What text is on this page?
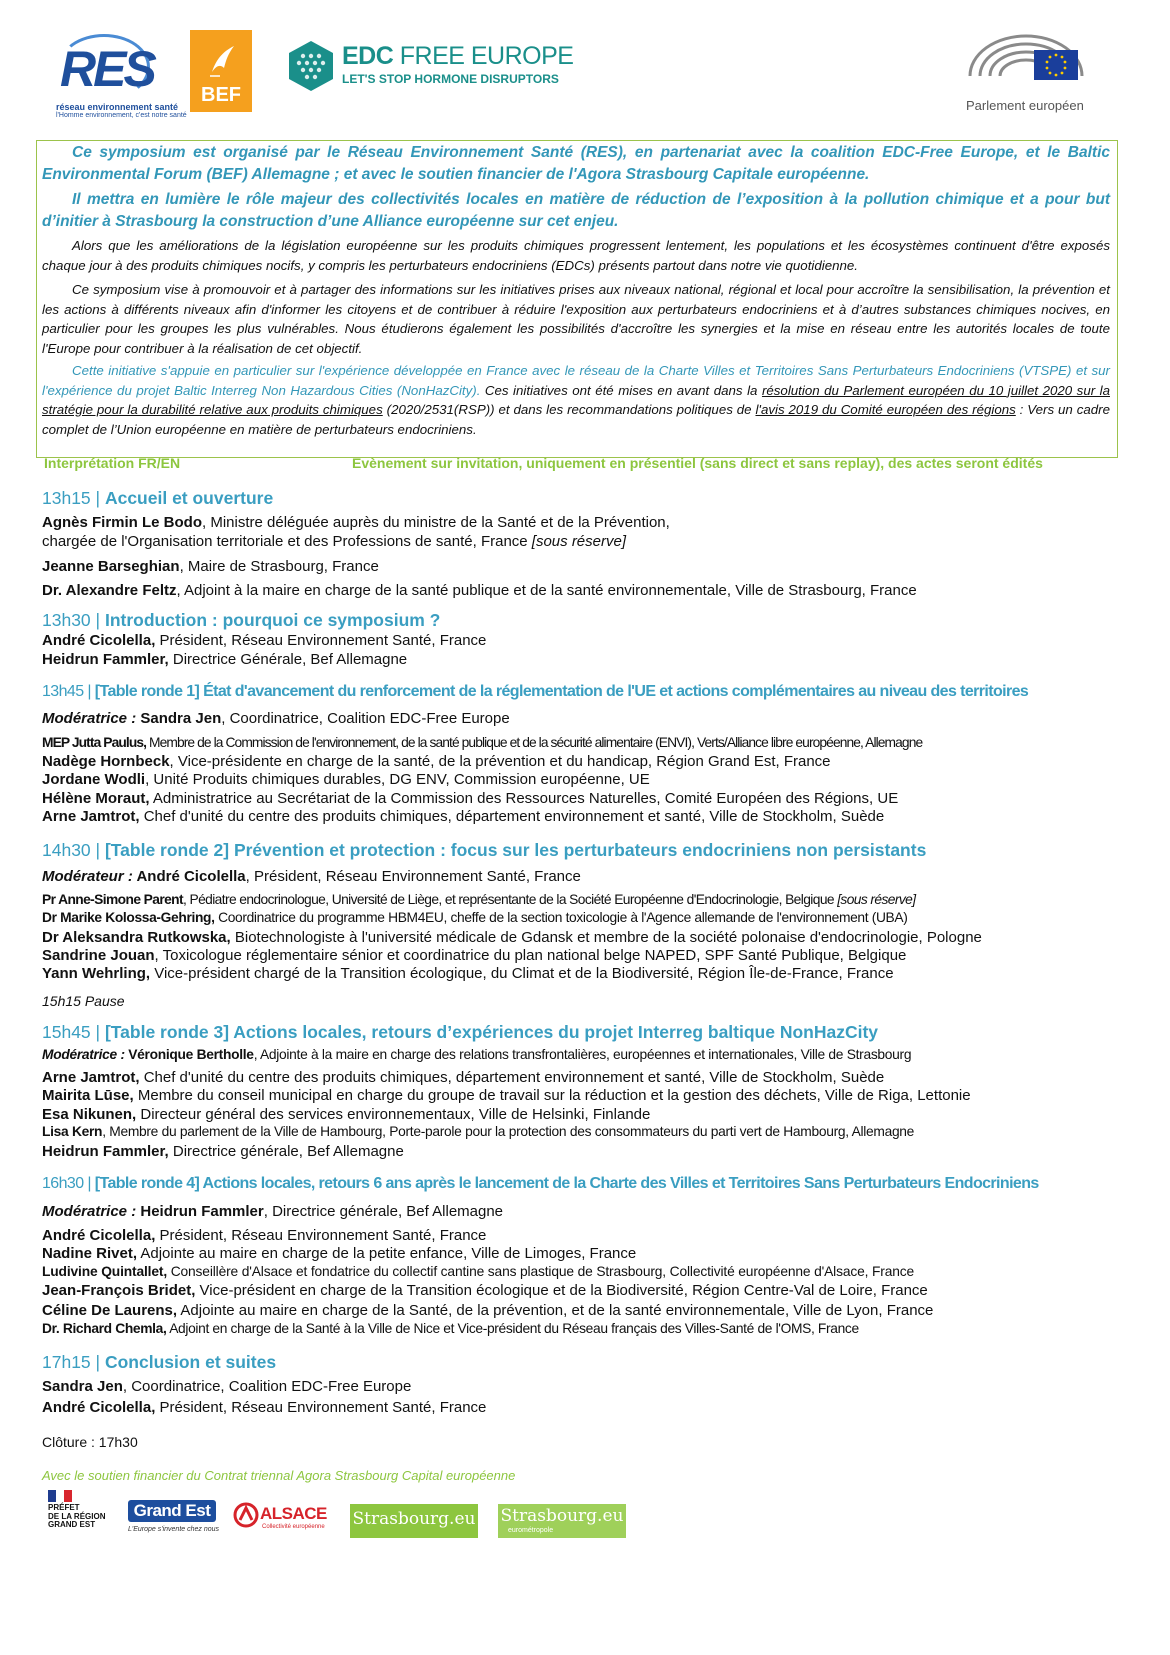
RES
réseau environnement santé
l'Homme environnement, c'est notre santé
BEF
EDC FREE EUROPE
LET'S STOP HORMONE DISRUPTORS
Parlement européen

Ce symposium est organisé par le Réseau Environnement Santé (RES), en partenariat avec la coalition EDC-Free Europe, et le Baltic Environmental Forum (BEF) Allemagne ; et avec le soutien financier de l'Agora Strasbourg Capitale européenne.

Il mettra en lumière le rôle majeur des collectivités locales en matière de réduction de l’exposition à la pollution chimique et a pour but d’initier à Strasbourg la construction d’une Alliance européenne sur cet enjeu.

Alors que les améliorations de la législation européenne sur les produits chimiques progressent lentement, les populations et les écosystèmes continuent d'être exposés chaque jour à des produits chimiques nocifs, y compris les perturbateurs endocriniens (EDCs) présents partout dans notre vie quotidienne.

Ce symposium vise à promouvoir et à partager des informations sur les initiatives prises aux niveaux national, régional et local pour accroître la sensibilisation, la prévention et les actions à différents niveaux afin d'informer les citoyens et de contribuer à réduire l'exposition aux perturbateurs endocriniens et à d’autres substances chimiques nocives, en particulier pour les groupes les plus vulnérables. Nous étudierons également les possibilités d'accroître les synergies et la mise en réseau entre les autorités locales de toute l'Europe pour contribuer à la réalisation de cet objectif.

Cette initiative s'appuie en particulier sur l'expérience développée en France avec le réseau de la Charte Villes et Territoires Sans Perturbateurs Endocriniens (VTSPE) et sur l'expérience du projet Baltic Interreg Non Hazardous Cities (NonHazCity). Ces initiatives ont été mises en avant dans la résolution du Parlement européen du 10 juillet 2020 sur la stratégie pour la durabilité relative aux produits chimiques (2020/2531(RSP)) et dans les recommandations politiques de l'avis 2019 du Comité européen des régions : Vers un cadre complet de l’Union européenne en matière de perturbateurs endocriniens.

Interprétation FR/EN	Evènement sur invitation, uniquement en présentiel (sans direct et sans replay), des actes seront édités
13h15 | Accueil et ouverture
Agnès Firmin Le Bodo, Ministre déléguée auprès du ministre de la Santé et de la Prévention,
chargée de l'Organisation territoriale et des Professions de santé, France [sous réserve]
Jeanne Barseghian, Maire de Strasbourg, France
Dr. Alexandre Feltz, Adjoint à la maire en charge de la santé publique et de la santé environnementale, Ville de Strasbourg, France
13h30 | Introduction : pourquoi ce symposium ?
André Cicolella, Président, Réseau Environnement Santé, France
Heidrun Fammler, Directrice Générale, Bef Allemagne
13h45 | [Table ronde 1] État d'avancement du renforcement de la réglementation de l'UE et actions complémentaires au niveau des territoires
Modératrice : Sandra Jen, Coordinatrice, Coalition EDC-Free Europe
MEP Jutta Paulus, Membre de la Commission de l'environnement, de la santé publique et de la sécurité alimentaire (ENVI), Verts/Alliance libre européenne, Allemagne
Nadège Hornbeck, Vice-présidente en charge de la santé, de la prévention et du handicap, Région Grand Est, France
Jordane Wodli, Unité Produits chimiques durables, DG ENV, Commission européenne, UE
Hélène Moraut, Administratrice au Secrétariat de la Commission des Ressources Naturelles, Comité Européen des Régions, UE
Arne Jamtrot, Chef d'unité du centre des produits chimiques, département environnement et santé, Ville de Stockholm, Suède
14h30 | [Table ronde 2] Prévention et protection : focus sur les perturbateurs endocriniens non persistants
Modérateur : André Cicolella, Président, Réseau Environnement Santé, France
Pr Anne-Simone Parent, Pédiatre endocrinologue, Université de Liège, et représentante de la Société Européenne d'Endocrinologie, Belgique [sous réserve]
Dr Marike Kolossa-Gehring, Coordinatrice du programme HBM4EU, cheffe de la section toxicologie à l'Agence allemande de l'environnement (UBA)
Dr Aleksandra Rutkowska, Biotechnologiste à l'université médicale de Gdansk et membre de la société polonaise d'endocrinologie, Pologne
Sandrine Jouan, Toxicologue réglementaire sénior et coordinatrice du plan national belge NAPED, SPF Santé Publique, Belgique
Yann Wehrling, Vice-président chargé de la Transition écologique, du Climat et de la Biodiversité, Région Île-de-France, France
15h15 Pause
15h45 | [Table ronde 3] Actions locales, retours d’expériences du projet Interreg baltique NonHazCity
Modératrice : Véronique Bertholle, Adjointe à la maire en charge des relations transfrontalières, européennes et internationales, Ville de Strasbourg
Arne Jamtrot, Chef d'unité du centre des produits chimiques, département environnement et santé, Ville de Stockholm, Suède
Mairita Lūse, Membre du conseil municipal en charge du groupe de travail sur la réduction et la gestion des déchets, Ville de Riga, Lettonie
Esa Nikunen, Directeur général des services environnementaux, Ville de Helsinki, Finlande
Lisa Kern, Membre du parlement de la Ville de Hambourg, Porte-parole pour la protection des consommateurs du parti vert de Hambourg, Allemagne
Heidrun Fammler, Directrice générale, Bef Allemagne
16h30 | [Table ronde 4] Actions locales, retours 6 ans après le lancement de la Charte des Villes et Territoires Sans Perturbateurs Endocriniens
Modératrice : Heidrun Fammler, Directrice générale, Bef Allemagne
André Cicolella, Président, Réseau Environnement Santé, France
Nadine Rivet, Adjointe au maire en charge de la petite enfance, Ville de Limoges, France
Ludivine Quintallet, Conseillère d'Alsace et fondatrice du collectif cantine sans plastique de Strasbourg, Collectivité européenne d'Alsace, France
Jean-François Bridet, Vice-président en charge de la Transition écologique et de la Biodiversité, Région Centre-Val de Loire, France
Céline De Laurens, Adjointe au maire en charge de la Santé, de la prévention, et de la santé environnementale, Ville de Lyon, France
Dr. Richard Chemla, Adjoint en charge de la Santé à la Ville de Nice et Vice-président du Réseau français des Villes-Santé de l'OMS, France
17h15 | Conclusion et suites
Sandra Jen, Coordinatrice, Coalition EDC-Free Europe
André Cicolella, Président, Réseau Environnement Santé, France
Clôture : 17h30
Avec le soutien financier du Contrat triennal Agora Strasbourg Capital européenne
PRÉFET
DE LA RÉGION
GRAND EST
Grand Est
L'Europe s'invente chez nous
ALSACE
Collectivité européenne Strasbourg.eu Strasbourg.eu
eurométropole
